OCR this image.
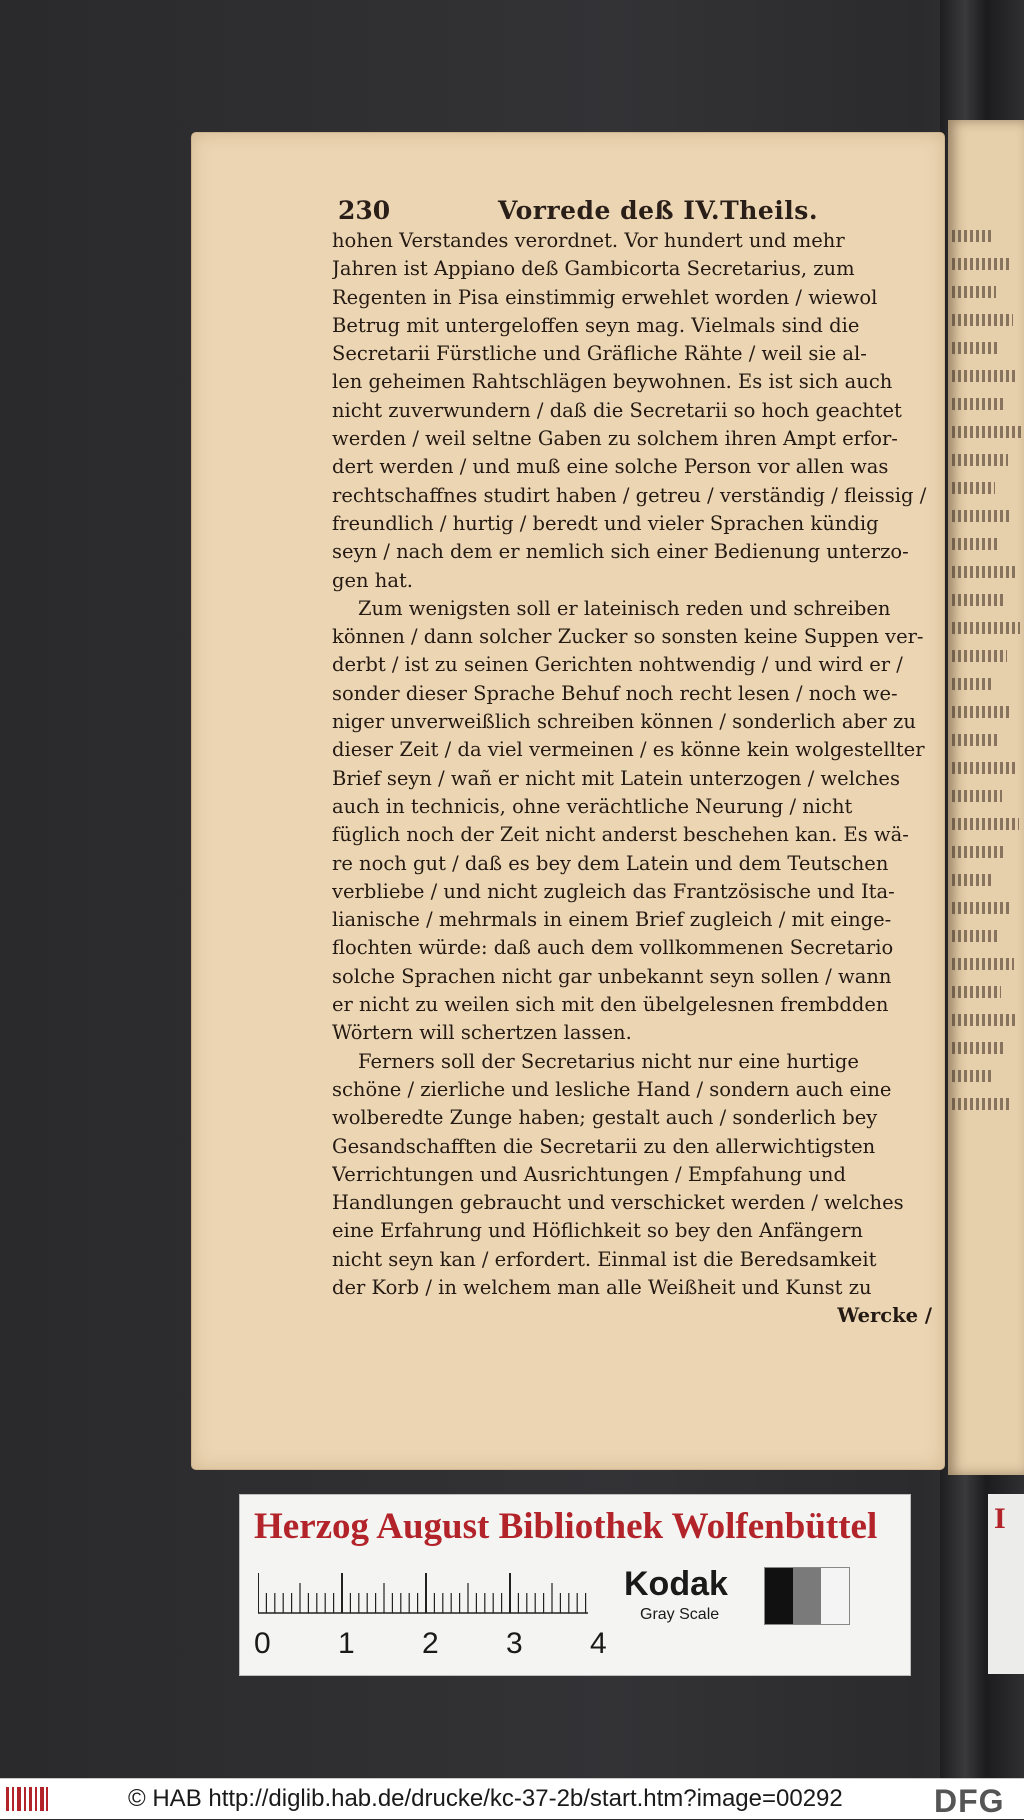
230	Vorrede deß IV.Theils.
hohen Verstandes verordnet. Vor hundert und mehr
Jahren ist Appiano deß Gambicorta Secretarius, zum
Regenten in Pisa einstimmig erwehlet worden / wiewol
Betrug mit untergeloffen seyn mag. Vielmals sind die
Secretarii Fürstliche und Gräfliche Rähte / weil sie al-
len geheimen Rahtschlägen beywohnen. Es ist sich auch
nicht zuverwundern / daß die Secretarii so hoch geachtet
werden / weil seltne Gaben zu solchem ihren Ampt erfor-
dert werden / und muß eine solche Person vor allen was
rechtschaffnes studirt haben / getreu / verständig / fleissig /
freundlich / hurtig / beredt und vieler Sprachen kündig
seyn / nach dem er nemlich sich einer Bedienung unterzo-
gen hat.
Zum wenigsten soll er lateinisch reden und schreiben
können / dann solcher Zucker so sonsten keine Suppen ver-
derbt / ist zu seinen Gerichten nohtwendig / und wird er /
sonder dieser Sprache Behuf noch recht lesen / noch we-
niger unverweißlich schreiben können / sonderlich aber zu
dieser Zeit / da viel vermeinen / es könne kein wolgestellter
Brief seyn / wañ er nicht mit Latein unterzogen / welches
auch in technicis, ohne verächtliche Neurung / nicht
füglich noch der Zeit nicht anderst beschehen kan. Es wä-
re noch gut / daß es bey dem Latein und dem Teutschen
verbliebe / und nicht zugleich das Frantzösische und Ita-
lianische / mehrmals in einem Brief zugleich / mit einge-
flochten würde: daß auch dem vollkommenen Secretario
solche Sprachen nicht gar unbekannt seyn sollen / wann
er nicht zu weilen sich mit den übelgelesnen frembdden
Wörtern will schertzen lassen.
Ferners soll der Secretarius nicht nur eine hurtige
schöne / zierliche und lesliche Hand / sondern auch eine
wolberedte Zunge haben; gestalt auch / sonderlich bey
Gesandschafften die Secretarii zu den allerwichtigsten
Verrichtungen und Ausrichtungen / Empfahung und
Handlungen gebraucht und verschicket werden / welches
eine Erfahrung und Höflichkeit so bey den Anfängern
nicht seyn kan / erfordert. Einmal ist die Beredsamkeit
der Korb / in welchem man alle Weißheit und Kunst zu
Wercke /
Herzog August Bibliothek Wolfenbüttel
0 1 2 3 4
Kodak
Gray Scale
I
© HAB http://diglib.hab.de/drucke/kc-37-2b/start.htm?image=00292	DFG
